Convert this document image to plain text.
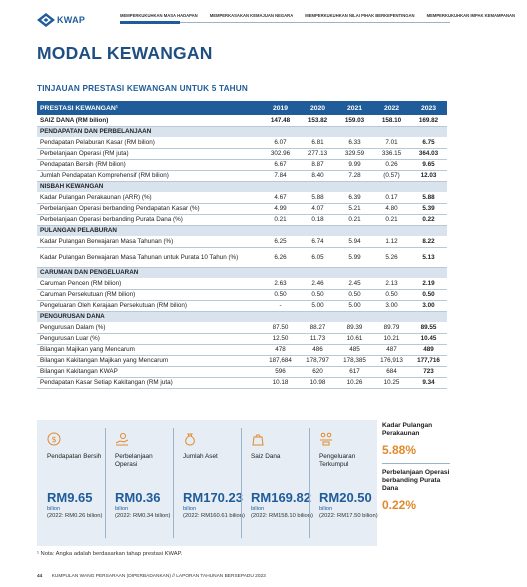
KWAP	MEMPERKUKUHKAN MASA HADAPAN	MEMPERKASAKAN KEMAJUAN NEGARA	MEMPERKUKUHKAN NILAI PIHAK BERKEPENTINGAN	MEMPERKUKUHKAN IMPAK KEMAMPANAN
MODAL KEWANGAN
TINJAUAN PRESTASI KEWANGAN UNTUK 5 TAHUN
PRESTASI KEWANGAN¹	2019	2020	2021	2022	2023
SAIZ DANA (RM bilion)	147.48	153.82	159.03	158.10	169.82
PENDAPATAN DAN PERBELANJAAN					
Pendapatan Pelaburan Kasar (RM bilion)	6.07	6.81	6.33	7.01	6.75
Perbelanjaan Operasi (RM juta)	302.96	277.13	329.59	336.15	364.03
Pendapatan Bersih (RM bilion)	6.67	8.87	9.99	0.26	9.65
Jumlah Pendapatan Komprehensif (RM bilion)	7.84	8.40	7.28	(0.57)	12.03
NISBAH KEWANGAN					
Kadar Pulangan Perakaunan (ARR) (%)	4.67	5.88	6.39	0.17	5.88
Perbelanjaan Operasi berbanding Pendapatan Kasar (%)	4.99	4.07	5.21	4.80	5.39
Perbelanjaan Operasi berbanding Purata Dana (%)	0.21	0.18	0.21	0.21	0.22
PULANGAN PELABURAN					
Kadar Pulangan Berwajaran Masa Tahunan (%)	6.25	6.74	5.94	1.12	8.22
Kadar Pulangan Berwajaran Masa Tahunan untuk Purata 10 Tahun (%)	6.26	6.05	5.99	5.26	5.13
CARUMAN DAN PENGELUARAN					
Caruman Pencen (RM bilion)	2.63	2.46	2.45	2.13	2.19
Caruman Persekutuan (RM bilion)	0.50	0.50	0.50	0.50	0.50
Pengeluaran Oleh Kerajaan Persekutuan (RM bilion)	-	5.00	5.00	3.00	3.00
PENGURUSAN DANA					
Pengurusan Dalam (%)	87.50	88.27	89.39	89.79	89.55
Pengurusan Luar (%)	12.50	11.73	10.61	10.21	10.45
Bilangan Majikan yang Mencarum	478	486	485	487	489
Bilangan Kakitangan Majikan yang Mencarum	187,684	178,797	178,385	176,913	177,716
Bilangan Kakitangan KWAP	596	620	617	684	723
Pendapatan Kasar Setiap Kakitangan (RM juta)	10.18	10.98	10.26	10.25	9.34
$
Pendapatan Bersih
RM9.65
bilion
(2022: RM0.26 bilion)
Perbelanjaan Operasi
RM0.36
bilion
(2022: RM0.34 bilion)
Jumlah Aset
RM170.23
bilion
(2022: RM160.61 bilion)
Saiz Dana
RM169.82
bilion
(2022: RM158.10 bilion)
Pengeluaran Terkumpul
RM20.50
bilion
(2022: RM17.50 bilion)
Kadar Pulangan Perakaunan
5.88%
Perbelanjaan Operasi berbanding Purata Dana
0.22%
¹ Nota: Angka adalah berdasarkan tahap prestasi KWAP.
44 KUMPULAN WANG PERSARAAN (DIPERBADANKAN) // LAPORAN TAHUNAN BERSEPADU 2023
